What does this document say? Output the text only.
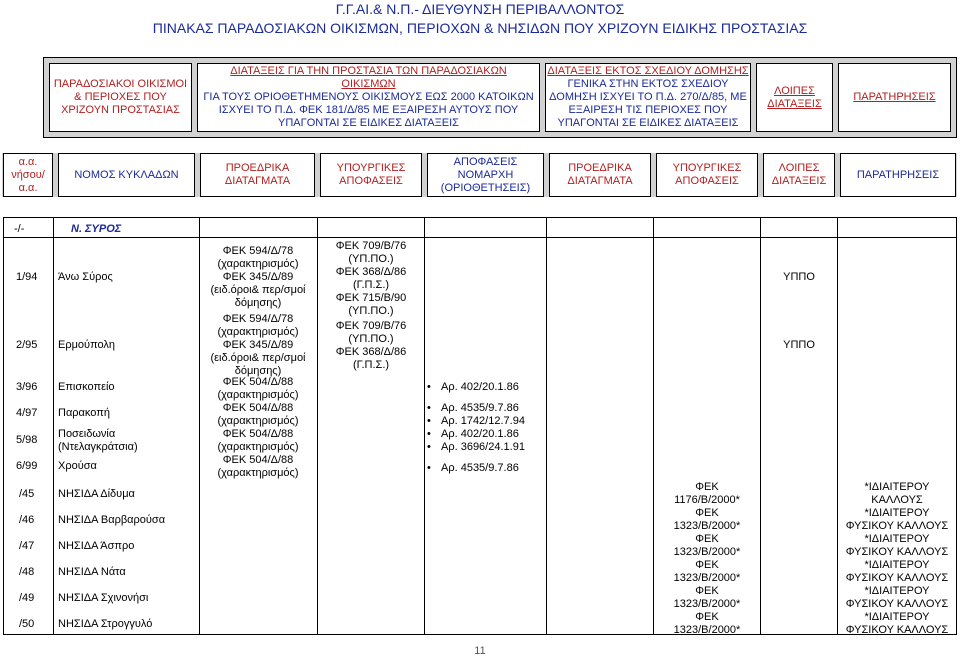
Γ.Γ.ΑΙ.& Ν.Π.- ΔΙΕΥΘΥΝΣΗ ΠΕΡΙΒΑΛΛΟΝΤΟΣ
ΠΙΝΑΚΑΣ ΠΑΡΑΔΟΣΙΑΚΩΝ ΟΙΚΙΣΜΩΝ, ΠΕΡΙΟΧΩΝ & ΝΗΣΙΔΩΝ ΠΟΥ ΧΡΙΖΟΥΝ ΕΙΔΙΚΗΣ ΠΡΟΣΤΑΣΙΑΣ
ΠΑΡΑΔΟΣΙΑΚΟΙ ΟΙΚΙΣΜΟΙ
& ΠΕΡΙΟΧΕΣ ΠΟΥ
ΧΡΙΖΟΥΝ ΠΡΟΣΤΑΣΙΑΣ
ΔΙΑΤΑΞΕΙΣ ΓΙΑ ΤΗΝ ΠΡΟΣΤΑΣΙΑ ΤΩΝ ΠΑΡΑΔΟΣΙΑΚΩΝ
ΟΙΚΙΣΜΩΝ
ΓΙΑ ΤΟΥΣ ΟΡΙΟΘΕΤΗΜΕΝΟΥΣ ΟΙΚΙΣΜΟΥΣ ΕΩΣ 2000 ΚΑΤΟΙΚΩΝ
ΙΣΧΥΕΙ ΤΟ Π.Δ. ΦΕΚ 181/Δ/85 ΜΕ ΕΞΑΙΡΕΣΗ ΑΥΤΟΥΣ ΠΟΥ
ΥΠΑΓΟΝΤΑΙ ΣΕ ΕΙΔΙΚΕΣ ΔΙΑΤΑΞΕΙΣ
ΔΙΑΤΑΞΕΙΣ ΕΚΤΟΣ ΣΧΕΔΙΟΥ ΔΟΜΗΣΗΣ
ΓΕΝΙΚΑ ΣΤΗΝ ΕΚΤΟΣ ΣΧΕΔΙΟΥ
ΔΟΜΗΣΗ ΙΣΧΥΕΙ ΤΟ Π.Δ. 270/Δ/85, ΜΕ
ΕΞΑΙΡΕΣΗ ΤΙΣ ΠΕΡΙΟΧΕΣ ΠΟΥ
ΥΠΑΓΟΝΤΑΙ ΣΕ ΕΙΔΙΚΕΣ ΔΙΑΤΑΞΕΙΣ
ΛΟΙΠΕΣ
ΔΙΑΤΑΞΕΙΣ
ΠΑΡΑΤΗΡΗΣΕΙΣ
α.α.
νήσου/
α.α.
ΝΟΜΟΣ ΚΥΚΛΑΔΩΝ
ΠΡΟΕΔΡΙΚΑ
ΔΙΑΤΑΓΜΑΤΑ
ΥΠΟΥΡΓΙΚΕΣ
ΑΠΟΦΑΣΕΙΣ
ΑΠΟΦΑΣΕΙΣ
ΝΟΜΑΡΧΗ
(ΟΡΙΟΘΕΤΗΣΕΙΣ)
ΠΡΟΕΔΡΙΚΑ
ΔΙΑΤΑΓΜΑΤΑ
ΥΠΟΥΡΓΙΚΕΣ
ΑΠΟΦΑΣΕΙΣ
ΛΟΙΠΕΣ
ΔΙΑΤΑΞΕΙΣ
ΠΑΡΑΤΗΡΗΣΕΙΣ
-/-	Ν. ΣΥΡΟΣ
1/94 Άνω Σύρος
2/95 Ερμούπολη
3/96 Επισκοπείο
4/97 Παρακοπή
5/98 Ποσειδωνία
(Ντελαγκράτσια)
6/99 Χρούσα
ΦΕΚ 594/Δ/78
(χαρακτηρισμός)
ΦΕΚ 345/Δ/89
(ειδ.όροι& περ/σμοί
δόμησης)
ΦΕΚ 594/Δ/78
(χαρακτηρισμός)
ΦΕΚ 345/Δ/89
(ειδ.όροι& περ/σμοί
δόμησης)
ΦΕΚ 504/Δ/88
(χαρακτηρισμός)
ΦΕΚ 504/Δ/88
(χαρακτηρισμός)
ΦΕΚ 504/Δ/88
(χαρακτηρισμός)
ΦΕΚ 504/Δ/88
(χαρακτηρισμός)
ΦΕΚ 709/Β/76
(ΥΠ.ΠΟ.)
ΦΕΚ 368/Δ/86
(Γ.Π.Σ.)
ΦΕΚ 715/Β/90
(ΥΠ.ΠΟ.)
ΦΕΚ 709/Β/76
(ΥΠ.ΠΟ.)
ΦΕΚ 368/Δ/86
(Γ.Π.Σ.)
• Αρ. 402/20.1.86
• Αρ. 4535/9.7.86
• Αρ. 1742/12.7.94
• Αρ. 402/20.1.86
• Αρ. 3696/24.1.91
• Αρ. 4535/9.7.86
ΥΠΠΟ
ΥΠΠΟ
/45 ΝΗΣΙΔΑ Δίδυμα
ΦΕΚ
1176/Β/2000*
*ΙΔΙΑΙΤΕΡΟΥ
ΚΑΛΛΟΥΣ
/46 ΝΗΣΙΔΑ Βαρβαρούσα
ΦΕΚ
1323/Β/2000*
*ΙΔΙΑΙΤΕΡΟΥ
ΦΥΣΙΚΟΥ ΚΑΛΛΟΥΣ
/47 ΝΗΣΙΔΑ Άσπρο
ΦΕΚ
1323/Β/2000*
*ΙΔΙΑΙΤΕΡΟΥ
ΦΥΣΙΚΟΥ ΚΑΛΛΟΥΣ
/48 ΝΗΣΙΔΑ Νάτα
ΦΕΚ
1323/Β/2000*
*ΙΔΙΑΙΤΕΡΟΥ
ΦΥΣΙΚΟΥ ΚΑΛΛΟΥΣ
/49 ΝΗΣΙΔΑ Σχινονήσι
ΦΕΚ
1323/Β/2000*
*ΙΔΙΑΙΤΕΡΟΥ
ΦΥΣΙΚΟΥ ΚΑΛΛΟΥΣ
/50 ΝΗΣΙΔΑ Στρογγυλό
ΦΕΚ
1323/Β/2000*
*ΙΔΙΑΙΤΕΡΟΥ
ΦΥΣΙΚΟΥ ΚΑΛΛΟΥΣ
11
